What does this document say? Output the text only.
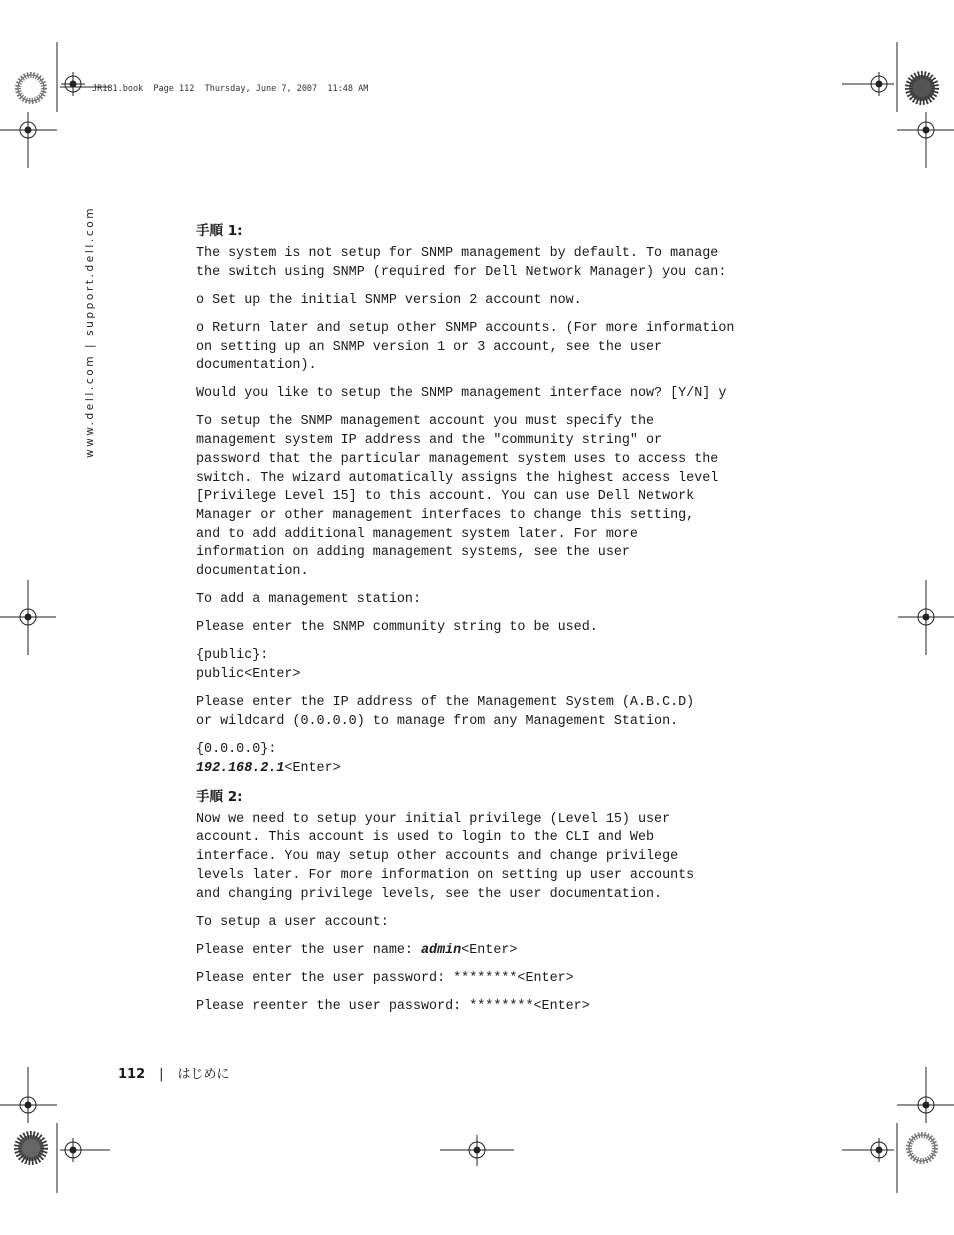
JR181.book  Page 112  Thursday, June 7, 2007  11:48 AM
www.dell.com | support.dell.com	手順 1:
The system is not setup for SNMP management by default. To manage
the switch using SNMP (required for Dell Network Manager) you can:
o Set up the initial SNMP version 2 account now.
o Return later and setup other SNMP accounts. (For more information
on setting up an SNMP version 1 or 3 account, see the user
documentation).
Would you like to setup the SNMP management interface now? [Y/N] y
To setup the SNMP management account you must specify the
management system IP address and the "community string" or
password that the particular management system uses to access the
switch. The wizard automatically assigns the highest access level
[Privilege Level 15] to this account. You can use Dell Network
Manager or other management interfaces to change this setting,
and to add additional management system later. For more
information on adding management systems, see the user
documentation.
To add a management station:
Please enter the SNMP community string to be used.
{public}:
public<Enter>
Please enter the IP address of the Management System (A.B.C.D)
or wildcard (0.0.0.0) to manage from any Management Station.
{0.0.0.0}:
192.168.2.1<Enter>
手順 2:
Now we need to setup your initial privilege (Level 15) user
account. This account is used to login to the CLI and Web
interface. You may setup other accounts and change privilege
levels later. For more information on setting up user accounts
and changing privilege levels, see the user documentation.
To setup a user account:
Please enter the user name: admin<Enter>
Please enter the user password: ********<Enter>
Please reenter the user password: ********<Enter>
112 | はじめに
